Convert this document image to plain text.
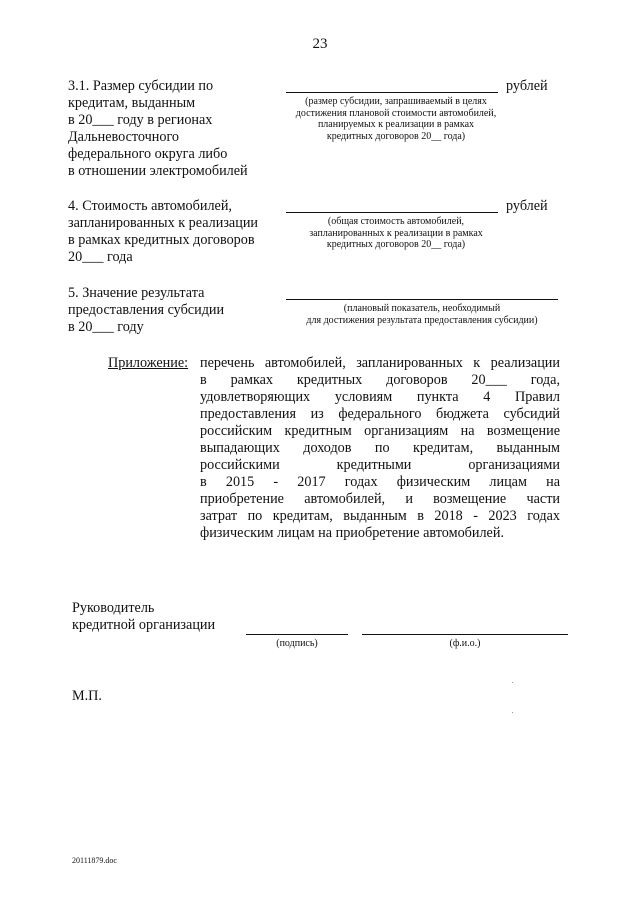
23
3.1. Размер субсидии по
кредитам, выданным
в 20___ году в регионах
Дальневосточного
федерального округа либо
в отношении электромобилей
рублей
(размер субсидии, запрашиваемый в целях
достижения плановой стоимости автомобилей,
планируемых к реализации в рамках
кредитных договоров 20__ года)
4. Стоимость автомобилей,
запланированных к реализации
в рамках кредитных договоров
20___ года
рублей
(общая стоимость автомобилей,
запланированных к реализации в рамках
кредитных договоров 20__ года)
5. Значение результата
предоставления субсидии
в 20___ году
(плановый показатель, необходимый
для достижения результата предоставления субсидии)
Приложение: перечень автомобилей, запланированных к реализации
в рамках кредитных договоров 20___ года,
удовлетворяющих условиям пункта 4 Правил
предоставления из федерального бюджета субсидий
российским кредитным организациям на возмещение
выпадающих доходов по кредитам, выданным
российскими кредитными организациями
в 2015 - 2017 годах физическим лицам на
приобретение автомобилей, и возмещение части
затрат по кредитам, выданным в 2018 - 2023 годах
физическим лицам на приобретение автомобилей.
Руководитель
кредитной организации
(подпись)	(ф.и.о.)
М.П.
20111879.doc
